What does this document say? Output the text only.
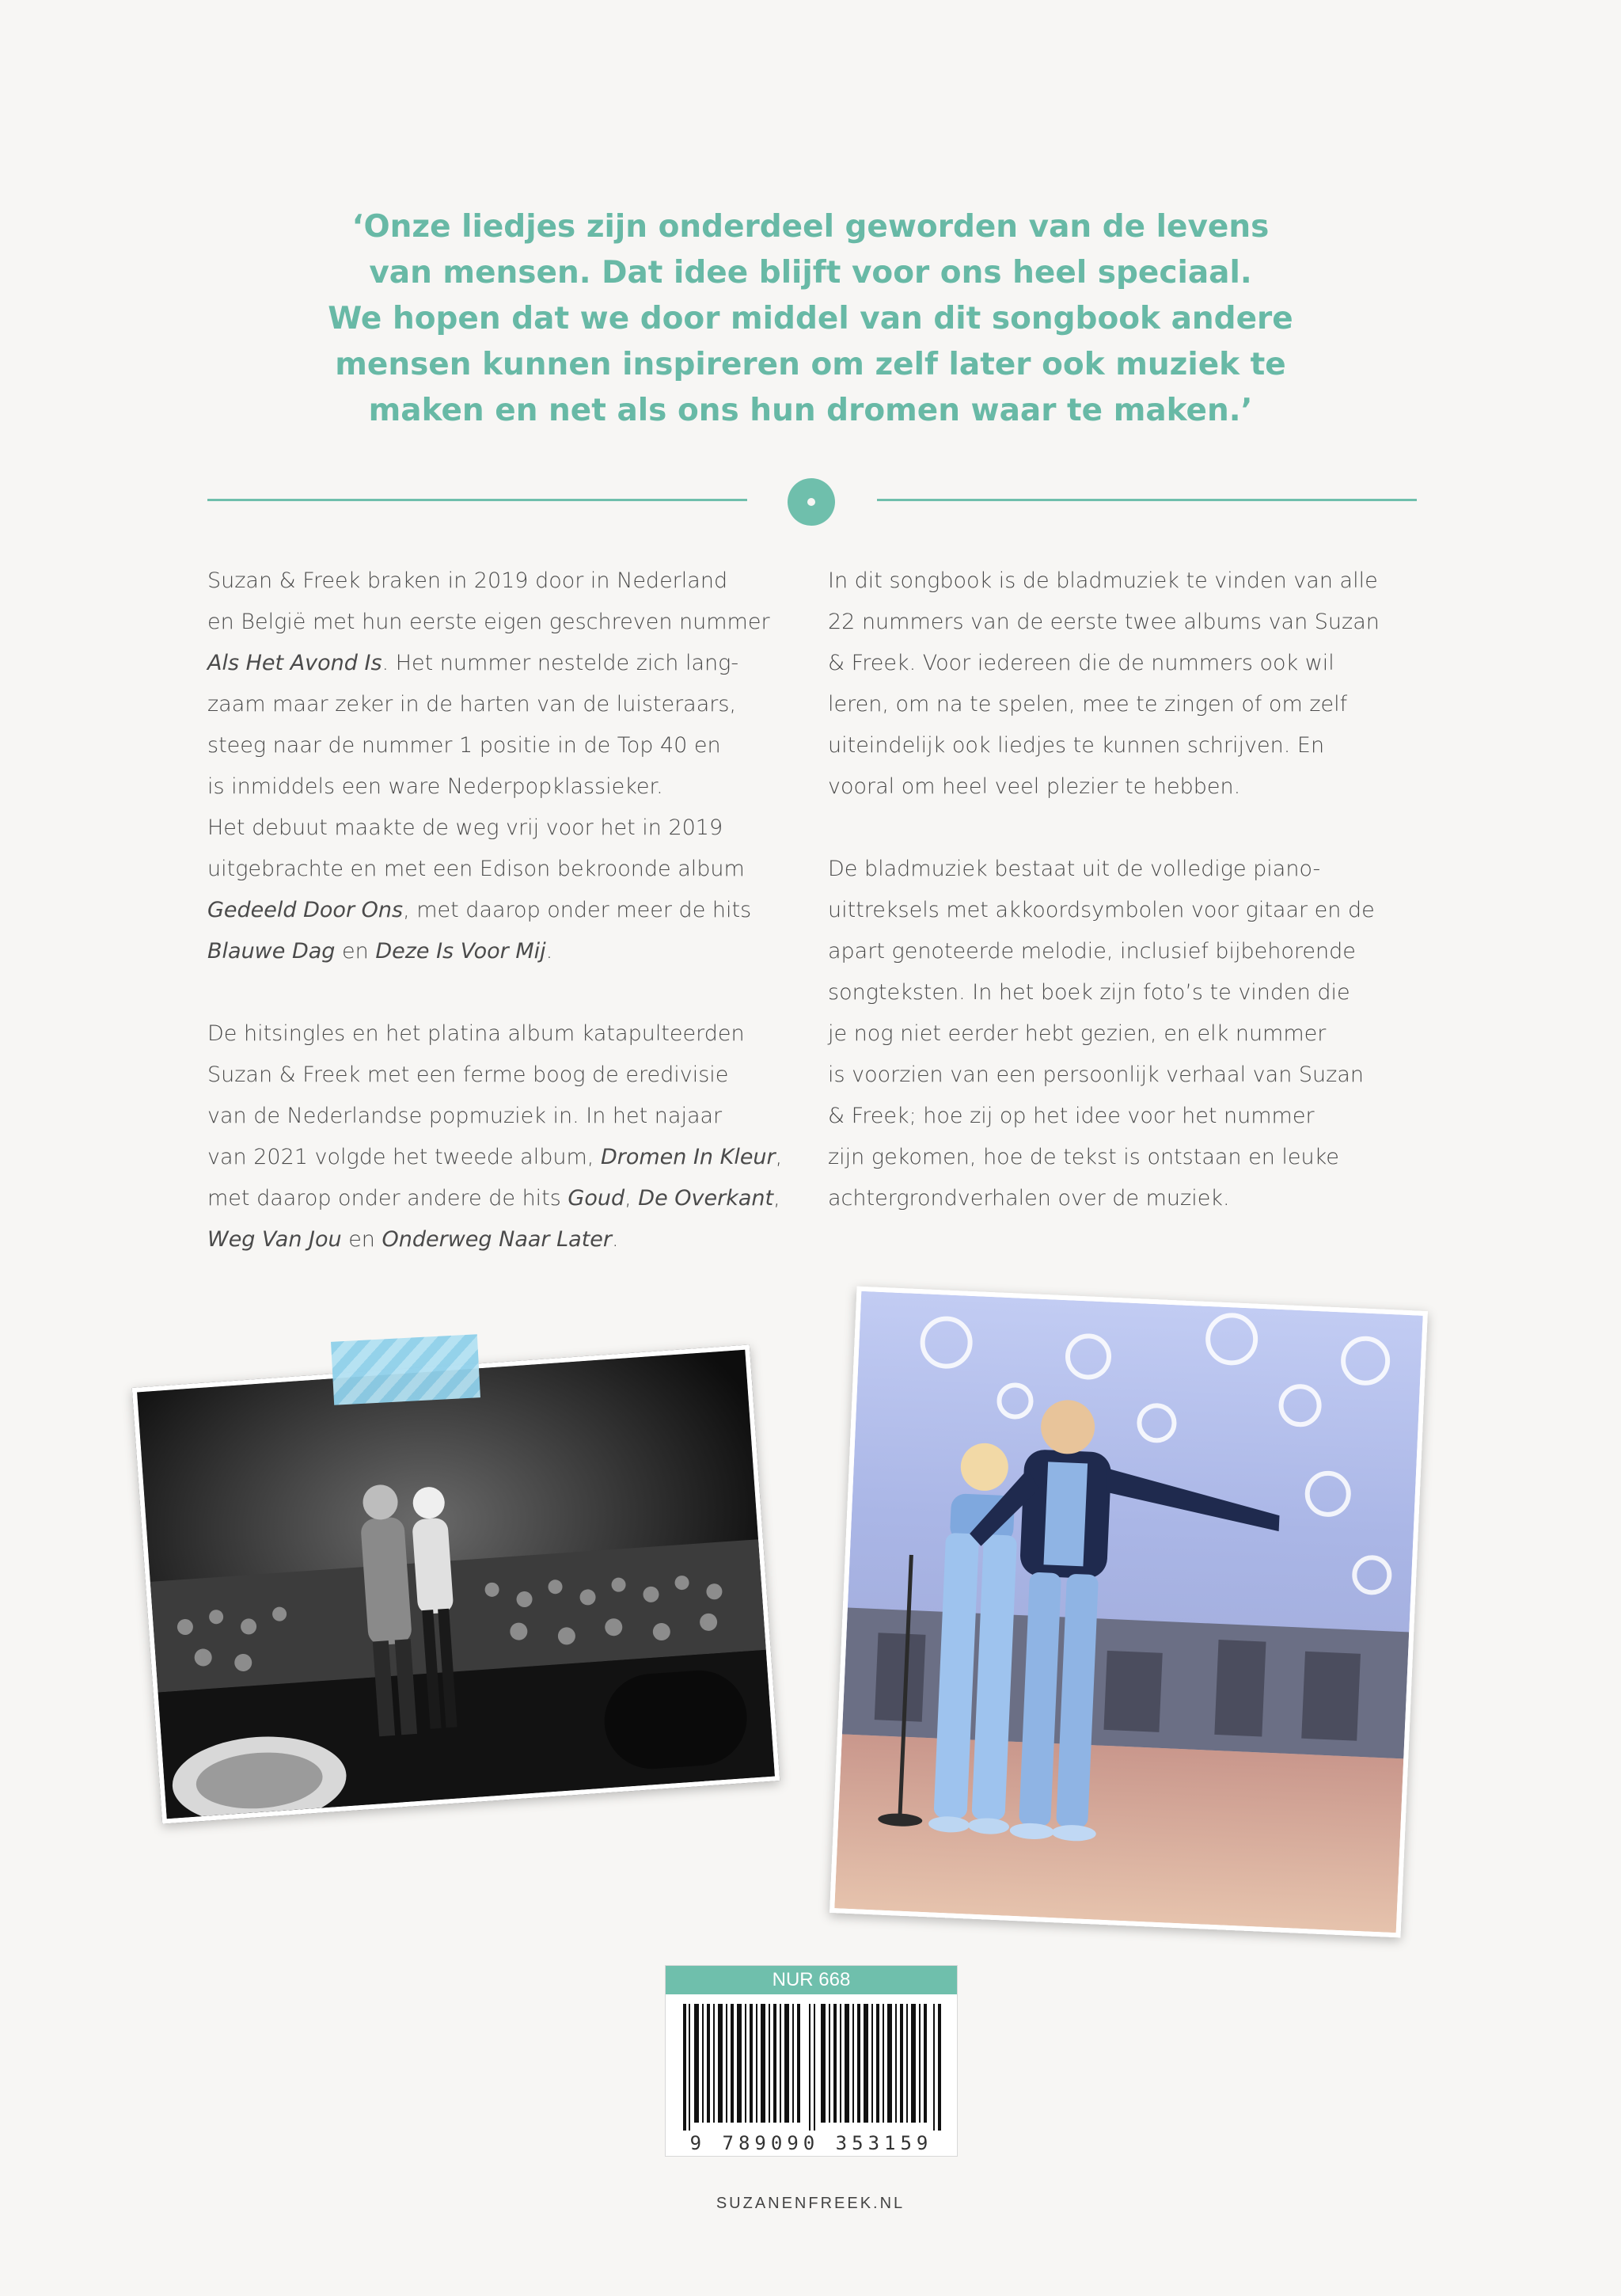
‘Onze liedjes zijn onderdeel geworden van de levens
van mensen. Dat idee blijft voor ons heel speciaal.
We hopen dat we door middel van dit songbook andere
mensen kunnen inspireren om zelf later ook muziek te
maken en net als ons hun dromen waar te maken.’
Suzan & Freek braken in 2019 door in Nederland
en België met hun eerste eigen geschreven nummer
Als Het Avond Is. Het nummer nestelde zich lang-
zaam maar zeker in de harten van de luisteraars,
steeg naar de nummer 1 positie in de Top 40 en
is inmiddels een ware Nederpopklassieker.
Het debuut maakte de weg vrij voor het in 2019
uitgebrachte en met een Edison bekroonde album
Gedeeld Door Ons, met daarop onder meer de hits
Blauwe Dag en Deze Is Voor Mij.
De hitsingles en het platina album katapulteerden
Suzan & Freek met een ferme boog de eredivisie
van de Nederlandse popmuziek in. In het najaar
van 2021 volgde het tweede album, Dromen In Kleur,
met daarop onder andere de hits Goud, De Overkant,
Weg Van Jou en Onderweg Naar Later.
In dit songbook is de bladmuziek te vinden van alle
22 nummers van de eerste twee albums van Suzan
& Freek. Voor iedereen die de nummers ook wil
leren, om na te spelen, mee te zingen of om zelf
uiteindelijk ook liedjes te kunnen schrijven. En
vooral om heel veel plezier te hebben.
De bladmuziek bestaat uit de volledige piano-
uittreksels met akkoordsymbolen voor gitaar en de
apart genoteerde melodie, inclusief bijbehorende
songteksten. In het boek zijn foto’s te vinden die
je nog niet eerder hebt gezien, en elk nummer
is voorzien van een persoonlijk verhaal van Suzan
& Freek; hoe zij op het idee voor het nummer
zijn gekomen, hoe de tekst is ontstaan en leuke
achtergrondverhalen over de muziek.
NUR 668
9 789090 353159
SUZANENFREEK.NL
